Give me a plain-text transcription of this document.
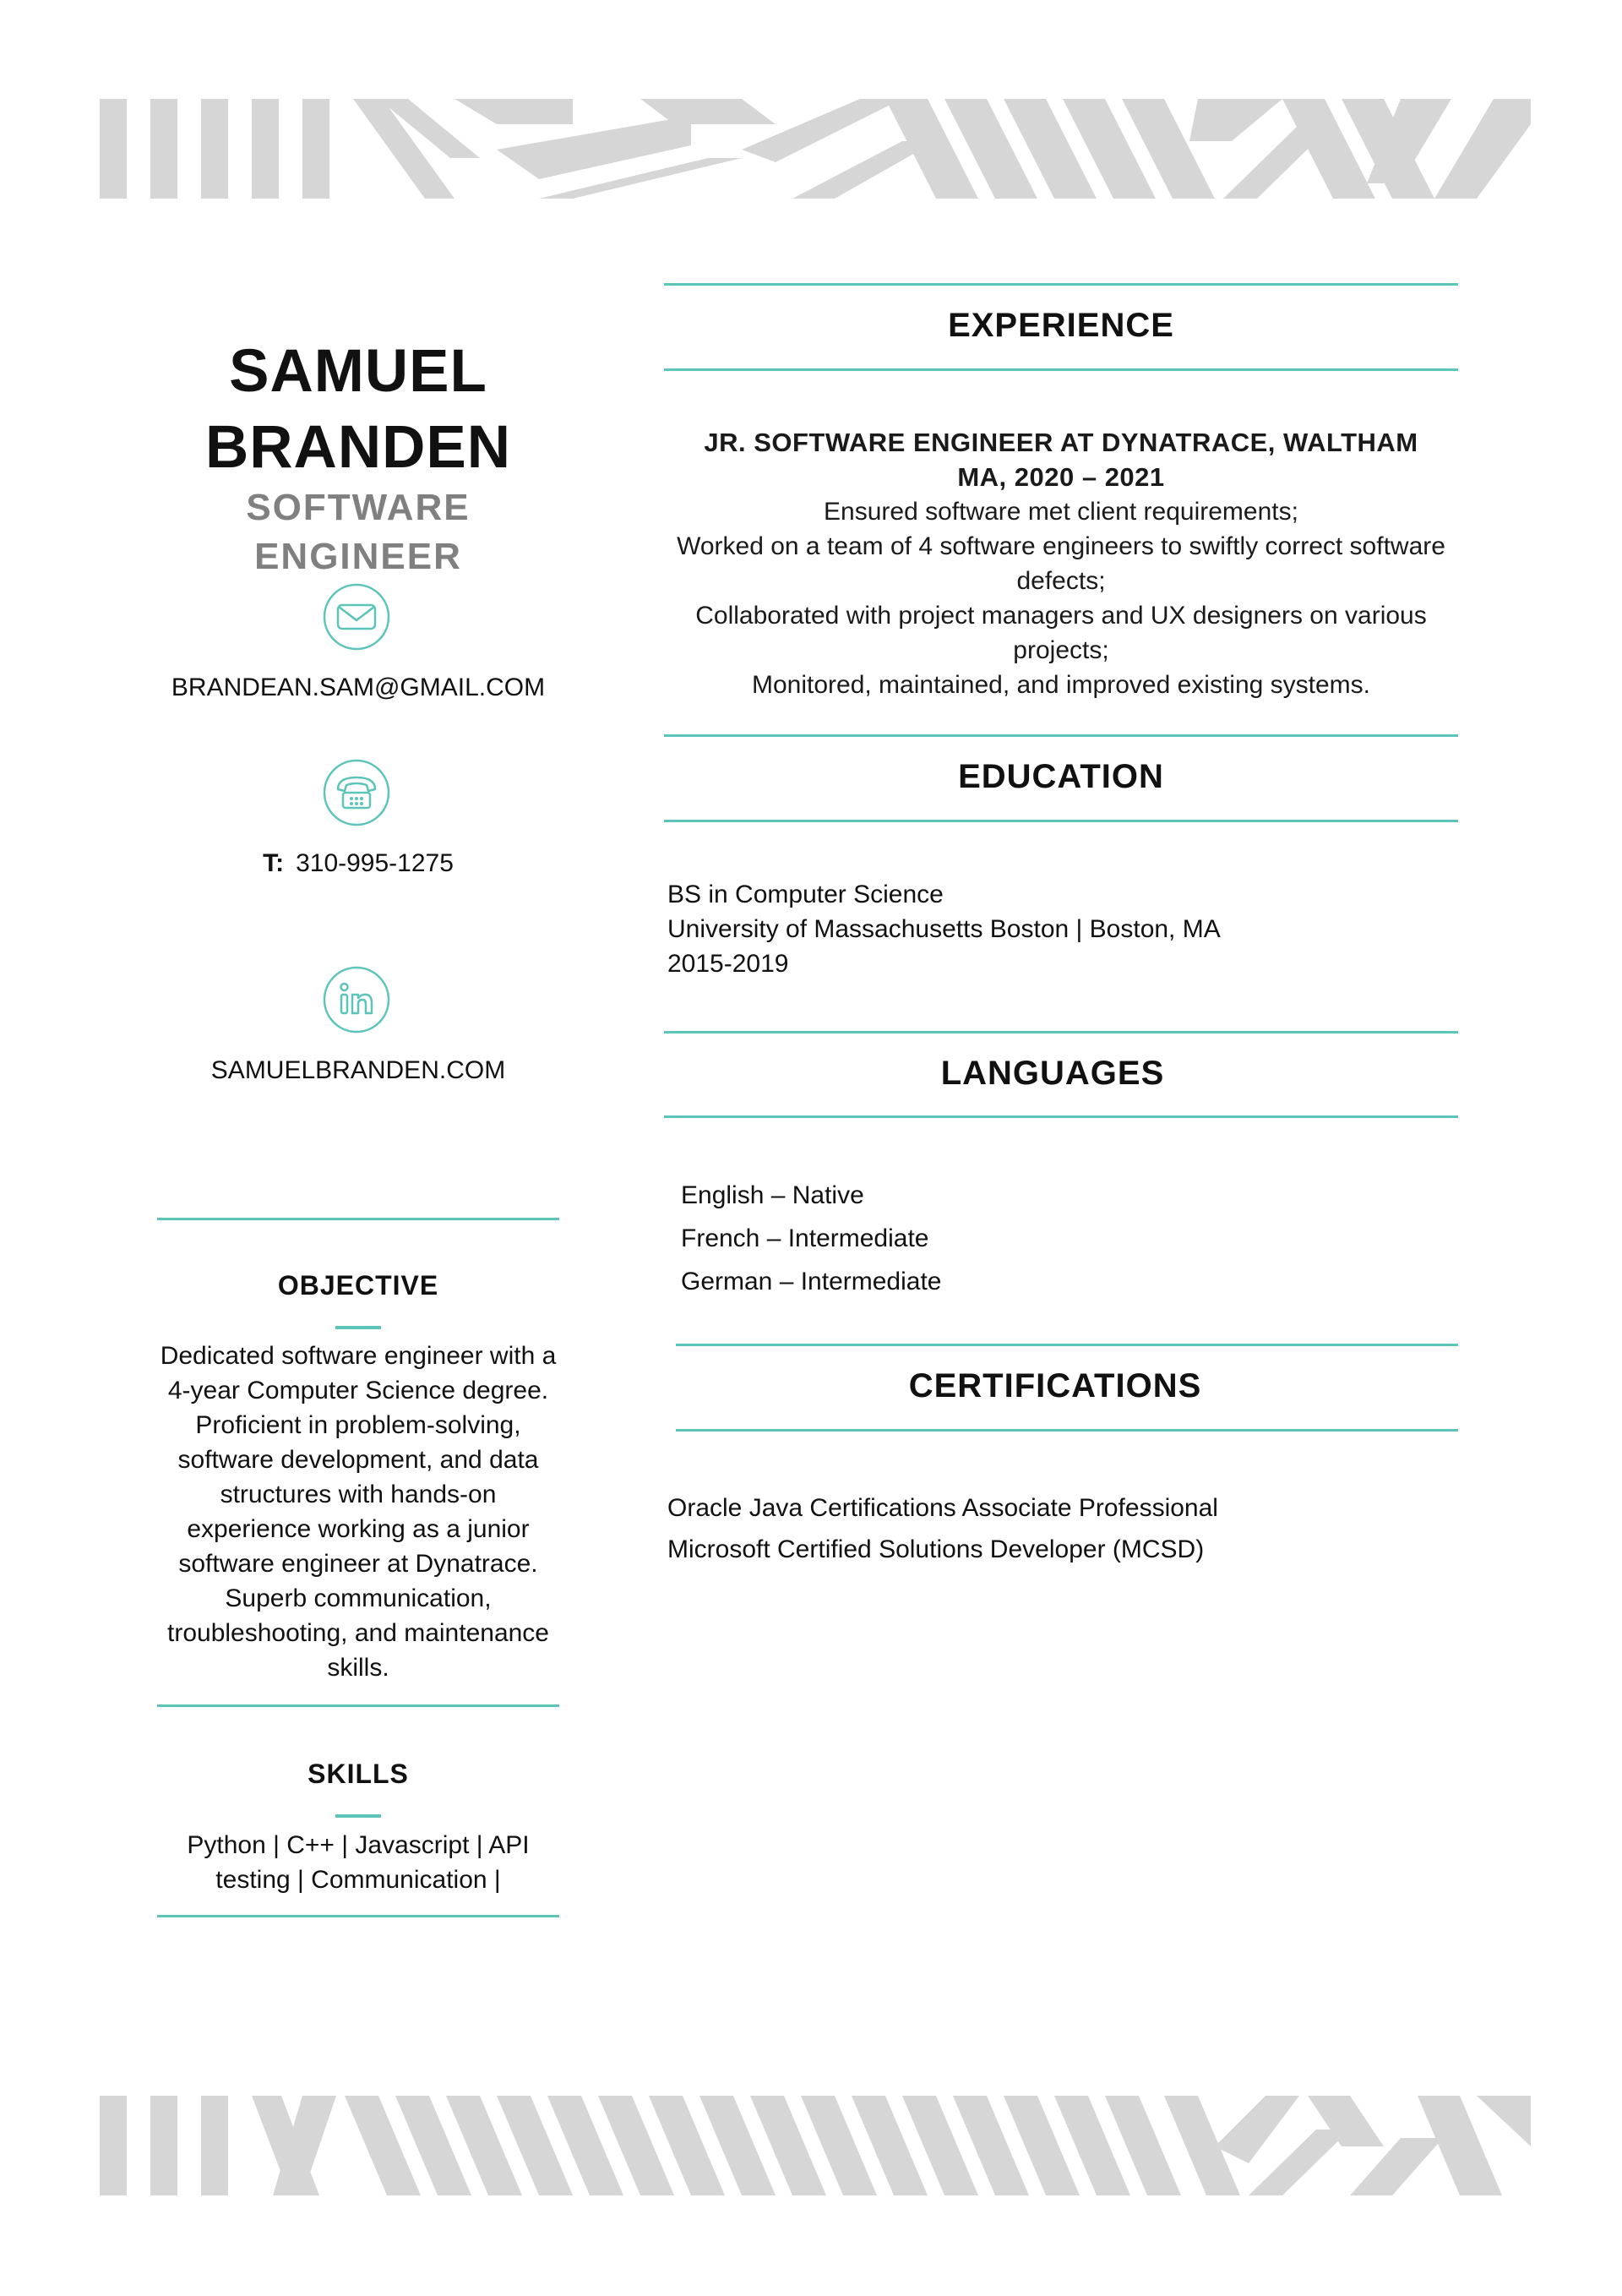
SAMUEL
BRANDEN
SOFTWARE
ENGINEER
BRANDEAN.SAM@GMAIL.COM
T: 310-995-1275
SAMUELBRANDEN.COM
OBJECTIVE
Dedicated software engineer with a
4-year Computer Science degree.
Proficient in problem-solving,
software development, and data
structures with hands-on
experience working as a junior
software engineer at Dynatrace.
Superb communication,
troubleshooting, and maintenance
skills.
SKILLS
Python | C++ | Javascript | API
testing | Communication |
EXPERIENCE
JR. SOFTWARE ENGINEER AT DYNATRACE, WALTHAM
MA, 2020 – 2021
Ensured software met client requirements;
Worked on a team of 4 software engineers to swiftly correct software
defects;
Collaborated with project managers and UX designers on various
projects;
Monitored, maintained, and improved existing systems.
EDUCATION
BS in Computer Science
University of Massachusetts Boston | Boston, MA
2015-2019
LANGUAGES
English – Native
French – Intermediate
German – Intermediate
CERTIFICATIONS
Oracle Java Certifications Associate Professional
Microsoft Certified Solutions Developer (MCSD)
